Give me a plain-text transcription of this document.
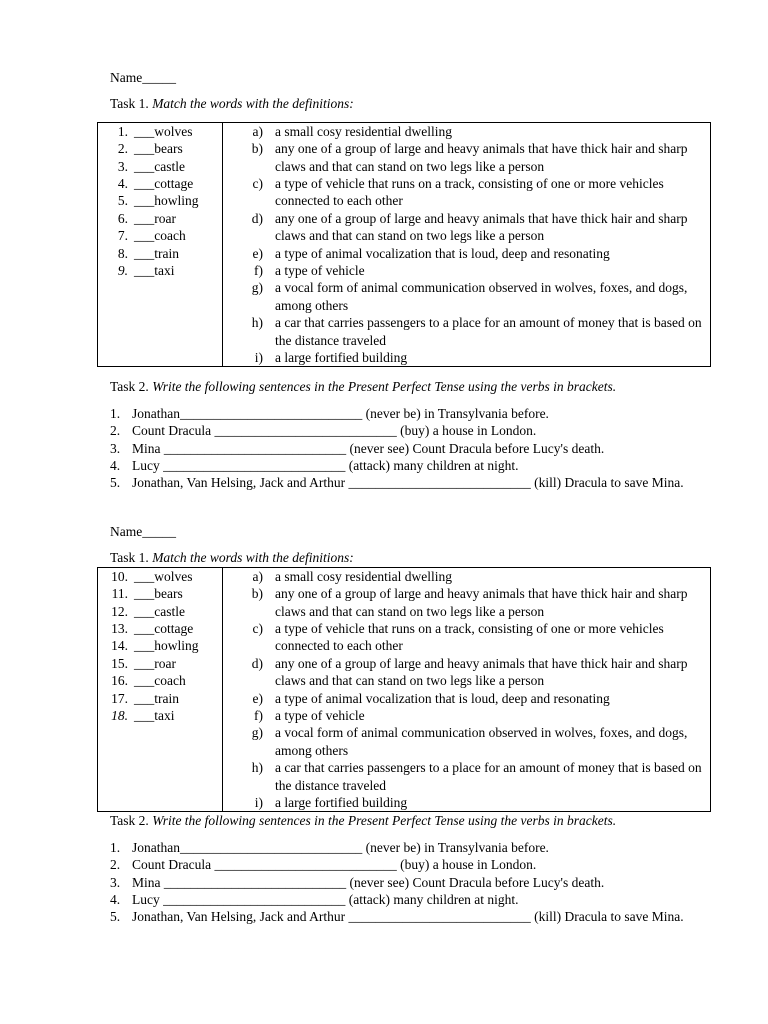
Name_____
Task 1. Match the words with the definitions:
1. ___wolves
2. ___bears
3. ___castle
4. ___cottage
5. ___howling
6. ___roar
7. ___coach
8. ___train
9. ___taxi

a) a small cosy residential dwelling
b) any one of a group of large and heavy animals that have thick hair and sharp claws and that can stand on two legs like a person
c) a type of vehicle that runs on a track, consisting of one or more vehicles connected to each other
d) any one of a group of large and heavy animals that have thick hair and sharp claws and that can stand on two legs like a person
e) a type of animal vocalization that is loud, deep and resonating
f) a type of vehicle
g) a vocal form of animal communication observed in wolves, foxes, and dogs, among others
h) a car that carries passengers to a place for an amount of money that is based on the distance traveled
i) a large fortified building
Task 2. Write the following sentences in the Present Perfect Tense using the verbs in brackets.
1. Jonathan___________________________ (never be) in Transylvania before.
2. Count Dracula ___________________________ (buy) a house in London.
3. Mina ___________________________ (never see) Count Dracula before Lucy's death.
4. Lucy ___________________________ (attack) many children at night.
5. Jonathan, Van Helsing, Jack and Arthur ___________________________ (kill) Dracula to save Mina.
Name_____
Task 1. Match the words with the definitions:
10. ___wolves
11. ___bears
12. ___castle
13. ___cottage
14. ___howling
15. ___roar
16. ___coach
17. ___train
18. ___taxi

a) a small cosy residential dwelling
b) any one of a group of large and heavy animals that have thick hair and sharp claws and that can stand on two legs like a person
c) a type of vehicle that runs on a track, consisting of one or more vehicles connected to each other
d) any one of a group of large and heavy animals that have thick hair and sharp claws and that can stand on two legs like a person
e) a type of animal vocalization that is loud, deep and resonating
f) a type of vehicle
g) a vocal form of animal communication observed in wolves, foxes, and dogs, among others
h) a car that carries passengers to a place for an amount of money that is based on the distance traveled
i) a large fortified building
Task 2. Write the following sentences in the Present Perfect Tense using the verbs in brackets.
1. Jonathan___________________________ (never be) in Transylvania before.
2. Count Dracula ___________________________ (buy) a house in London.
3. Mina ___________________________ (never see) Count Dracula before Lucy's death.
4. Lucy ___________________________ (attack) many children at night.
5. Jonathan, Van Helsing, Jack and Arthur ___________________________ (kill) Dracula to save Mina.
